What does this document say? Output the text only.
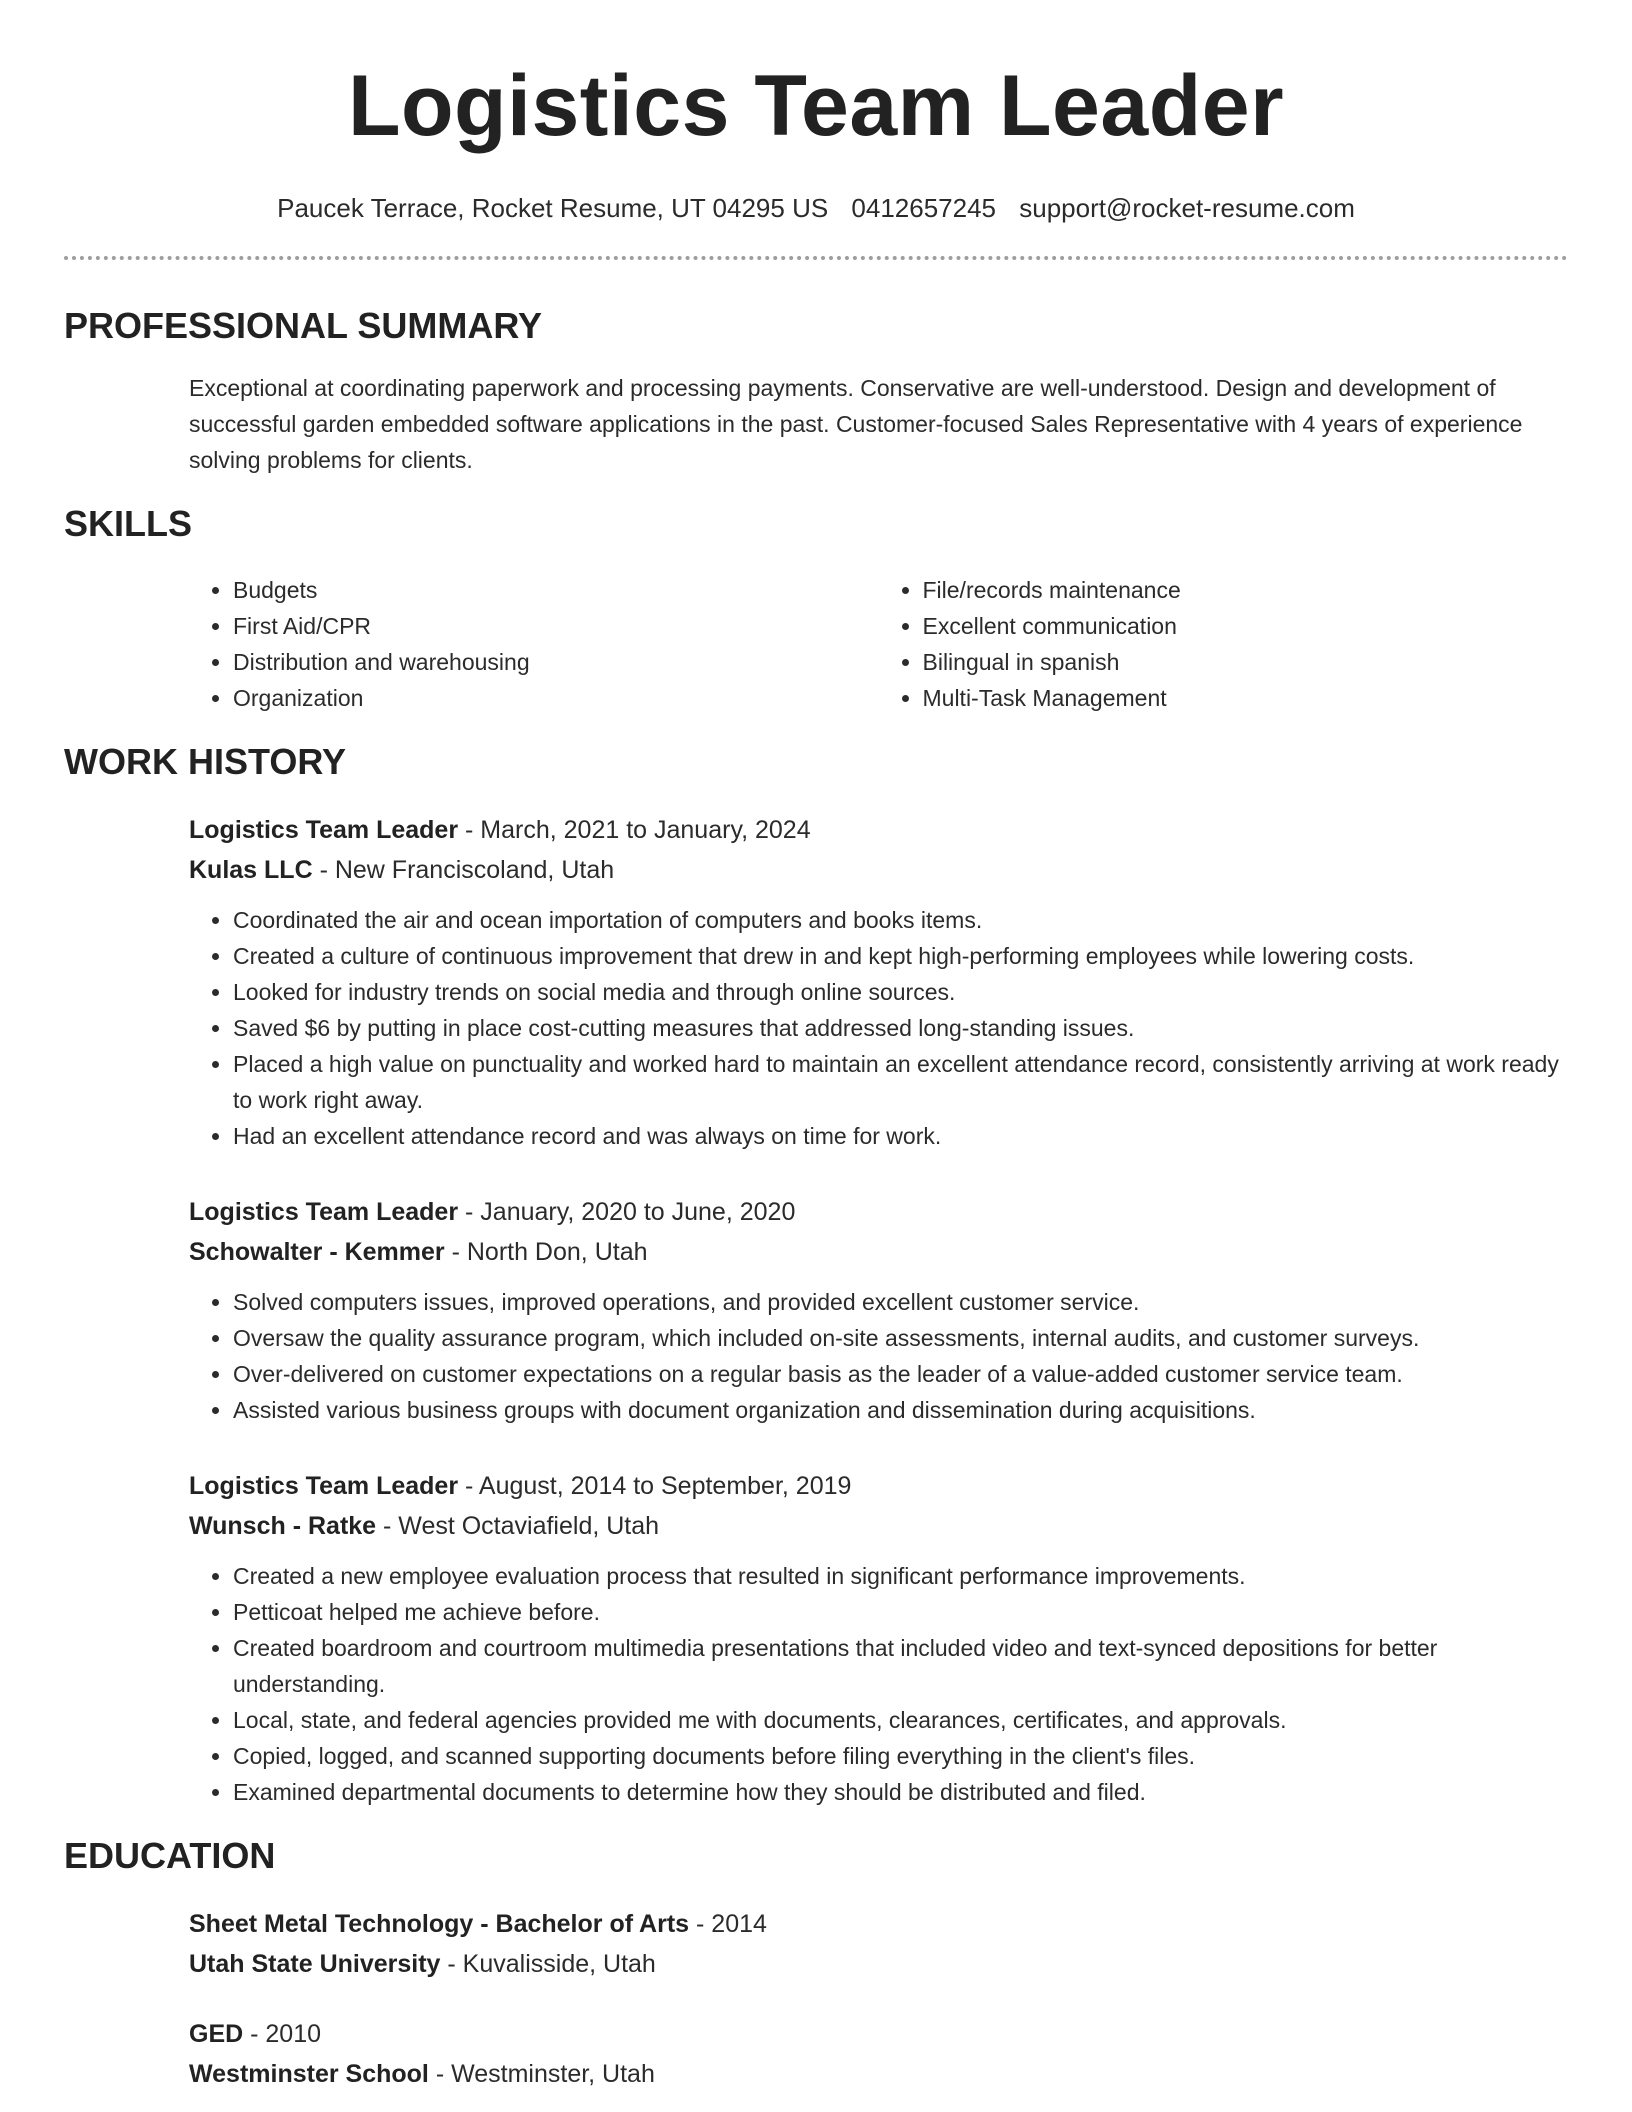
Logistics Team Leader
Paucek Terrace, Rocket Resume, UT 04295 US 0412657245 support@rocket-resume.com
PROFESSIONAL SUMMARY

Exceptional at coordinating paperwork and processing payments. Conservative are well-understood. Design and development of successful garden embedded software applications in the past. Customer-focused Sales Representative with 4 years of experience solving problems for clients.

SKILLS
• Budgets
• First Aid/CPR
• Distribution and warehousing
• Organization
• File/records maintenance
• Excellent communication
• Bilingual in spanish
• Multi-Task Management
WORK HISTORY
Logistics Team Leader - March, 2021 to January, 2024
Kulas LLC - New Franciscoland, Utah
• Coordinated the air and ocean importation of computers and books items.
• Created a culture of continuous improvement that drew in and kept high-performing employees while lowering costs.
• Looked for industry trends on social media and through online sources.
• Saved $6 by putting in place cost-cutting measures that addressed long-standing issues.
• Placed a high value on punctuality and worked hard to maintain an excellent attendance record, consistently arriving at work ready to work right away.
• Had an excellent attendance record and was always on time for work.
Logistics Team Leader - January, 2020 to June, 2020
Schowalter - Kemmer - North Don, Utah
• Solved computers issues, improved operations, and provided excellent customer service.
• Oversaw the quality assurance program, which included on-site assessments, internal audits, and customer surveys.
• Over-delivered on customer expectations on a regular basis as the leader of a value-added customer service team.
• Assisted various business groups with document organization and dissemination during acquisitions.
Logistics Team Leader - August, 2014 to September, 2019
Wunsch - Ratke - West Octaviafield, Utah
• Created a new employee evaluation process that resulted in significant performance improvements.
• Petticoat helped me achieve before.
• Created boardroom and courtroom multimedia presentations that included video and text-synced depositions for better understanding.
• Local, state, and federal agencies provided me with documents, clearances, certificates, and approvals.
• Copied, logged, and scanned supporting documents before filing everything in the client's files.
• Examined departmental documents to determine how they should be distributed and filed.
EDUCATION
Sheet Metal Technology - Bachelor of Arts - 2014
Utah State University - Kuvalisside, Utah
GED - 2010
Westminster School - Westminster, Utah
